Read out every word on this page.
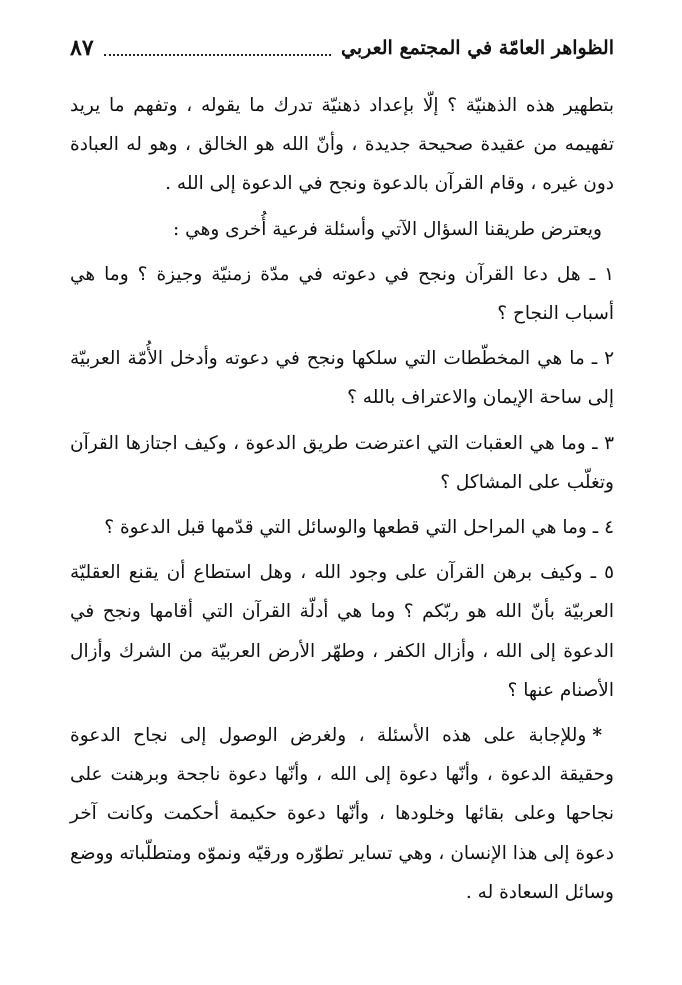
الظواهر العامّة في المجتمع العربي
٨٧

بتطهير هذه الذهنيّة ؟ إلّا بإعداد ذهنيّة تدرك ما يقوله ، وتفهم ما يريد تفهيمه من عقيدة صحيحة جديدة ، وأنّ الله هو الخالق ، وهو له العبادة دون غيره ، وقام القرآن بالدعوة ونجح في الدعوة إلى الله .

ويعترض طريقنا السؤال الآتي وأسئلة فرعية أُخرى وهي :

١ ـ هل دعا القرآن ونجح في دعوته في مدّة زمنيّة وجيزة ؟ وما هي أسباب النجاح ؟

٢ ـ ما هي المخطّطات التي سلكها ونجح في دعوته وأدخل الأُمّة العربيّة إلى ساحة الإيمان والاعتراف بالله ؟

٣ ـ وما هي العقبات التي اعترضت طريق الدعوة ، وكيف اجتازها القرآن وتغلّب على المشاكل ؟

٤ ـ وما هي المراحل التي قطعها والوسائل التي قدّمها قبل الدعوة ؟

٥ ـ وكيف برهن القرآن على وجود الله ، وهل استطاع أن يقنع العقليّة العربيّة بأنّ الله هو ربّكم ؟ وما هي أدلّة القرآن التي أقامها ونجح في الدعوة إلى الله ، وأزال الكفر ، وطهّر الأرض العربيّة من الشرك وأزال الأصنام عنها ؟

*وللإجابة على هذه الأسئلة ، ولغرض الوصول إلى نجاح الدعوة وحقيقة الدعوة ، وأنّها دعوة إلى الله ، وأنّها دعوة ناجحة وبرهنت على نجاحها وعلى بقائها وخلودها ، وأنّها دعوة حكيمة أحكمت وكانت آخر دعوة إلى هذا الإنسان ، وهي تساير تطوّره ورقيّه ونموّه ومتطلّباته ووضع وسائل السعادة له .
